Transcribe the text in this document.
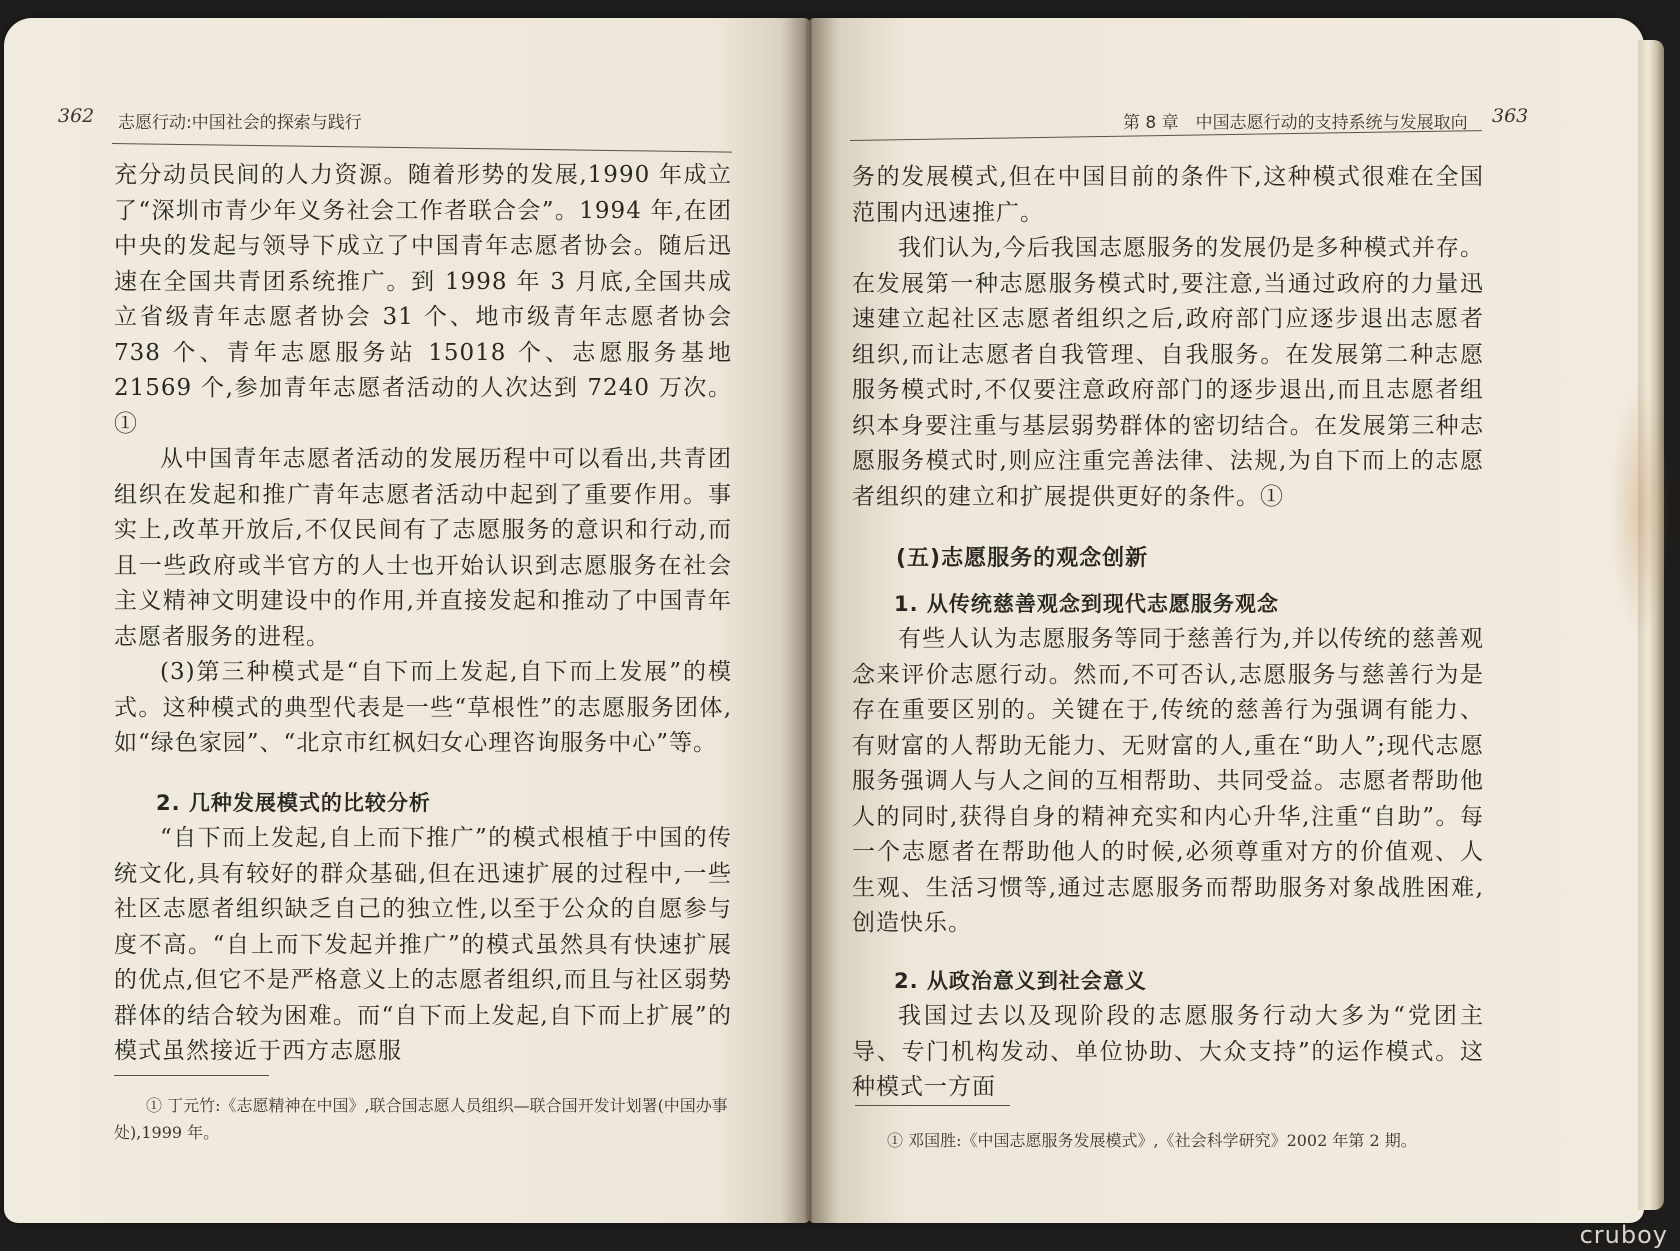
362 志愿行动:中国社会的探索与践行

充分动员民间的人力资源。随着形势的发展,1990 年成立了“深圳市青少年义务社会工作者联合会”。1994 年,在团中央的发起与领导下成立了中国青年志愿者协会。随后迅速在全国共青团系统推广。到 1998 年 3 月底,全国共成立省级青年志愿者协会 31 个、地市级青年志愿者协会 738 个、青年志愿服务站 15018 个、志愿服务基地 21569 个,参加青年志愿者活动的人次达到 7240 万次。①

从中国青年志愿者活动的发展历程中可以看出,共青团组织在发起和推广青年志愿者活动中起到了重要作用。事实上,改革开放后,不仅民间有了志愿服务的意识和行动,而且一些政府或半官方的人士也开始认识到志愿服务在社会主义精神文明建设中的作用,并直接发起和推动了中国青年志愿者服务的进程。

(3)第三种模式是“自下而上发起,自下而上发展”的模式。这种模式的典型代表是一些“草根性”的志愿服务团体,如“绿色家园”、“北京市红枫妇女心理咨询服务中心”等。

2. 几种发展模式的比较分析

“自下而上发起,自上而下推广”的模式根植于中国的传统文化,具有较好的群众基础,但在迅速扩展的过程中,一些社区志愿者组织缺乏自己的独立性,以至于公众的自愿参与度不高。“自上而下发起并推广”的模式虽然具有快速扩展的优点,但它不是严格意义上的志愿者组织,而且与社区弱势群体的结合较为困难。而“自下而上发起,自下而上扩展”的模式虽然接近于西方志愿服

① 丁元竹:《志愿精神在中国》,联合国志愿人员组织—联合国开发计划署(中国办事处),1999 年。

第 8 章　中国志愿行动的支持系统与发展取向 363

务的发展模式,但在中国目前的条件下,这种模式很难在全国范围内迅速推广。

我们认为,今后我国志愿服务的发展仍是多种模式并存。在发展第一种志愿服务模式时,要注意,当通过政府的力量迅速建立起社区志愿者组织之后,政府部门应逐步退出志愿者组织,而让志愿者自我管理、自我服务。在发展第二种志愿服务模式时,不仅要注意政府部门的逐步退出,而且志愿者组织本身要注重与基层弱势群体的密切结合。在发展第三种志愿服务模式时,则应注重完善法律、法规,为自下而上的志愿者组织的建立和扩展提供更好的条件。①

(五)志愿服务的观念创新

1. 从传统慈善观念到现代志愿服务观念

有些人认为志愿服务等同于慈善行为,并以传统的慈善观念来评价志愿行动。然而,不可否认,志愿服务与慈善行为是存在重要区别的。关键在于,传统的慈善行为强调有能力、有财富的人帮助无能力、无财富的人,重在“助人”;现代志愿服务强调人与人之间的互相帮助、共同受益。志愿者帮助他人的同时,获得自身的精神充实和内心升华,注重“自助”。每一个志愿者在帮助他人的时候,必须尊重对方的价值观、人生观、生活习惯等,通过志愿服务而帮助服务对象战胜困难,创造快乐。

2. 从政治意义到社会意义

我国过去以及现阶段的志愿服务行动大多为“党团主导、专门机构发动、单位协助、大众支持”的运作模式。这种模式一方面

① 邓国胜:《中国志愿服务发展模式》,《社会科学研究》2002 年第 2 期。

cruboy
